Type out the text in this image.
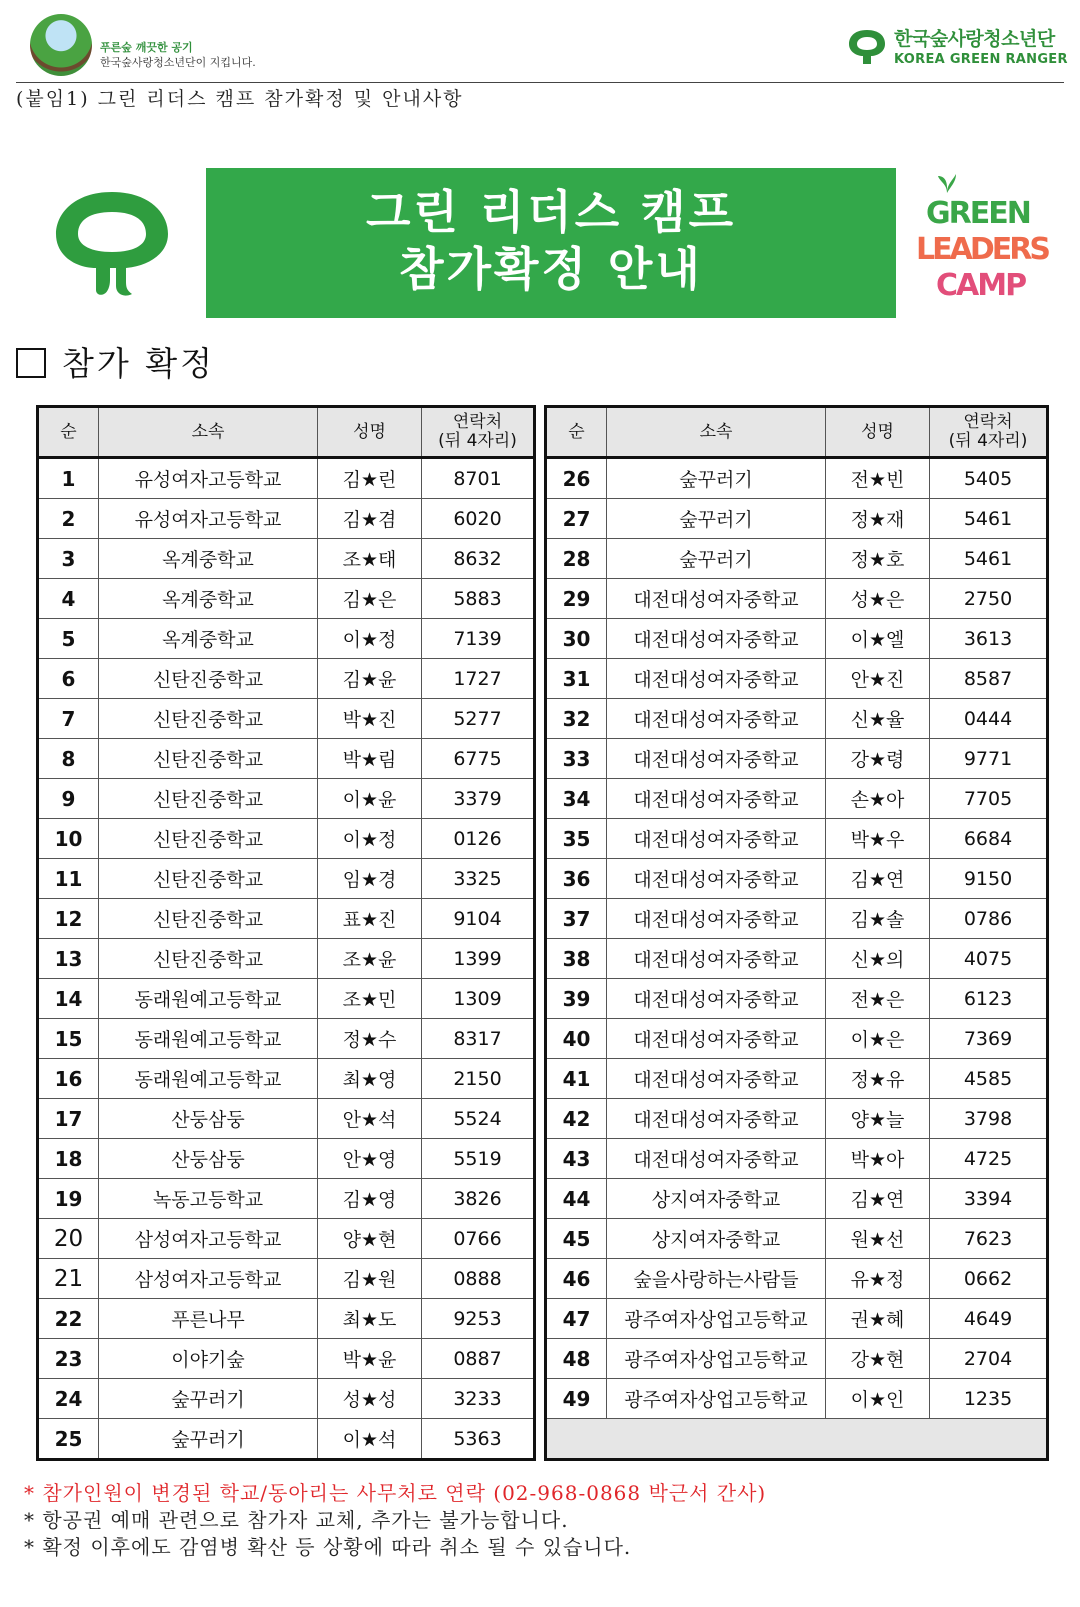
푸른숲 깨끗한 공기
한국숲사랑청소년단이 지킵니다.
한국숲사랑청소년단
KOREA GREEN RANGER
(붙임1) 그린 리더스 캠프 참가확정 및 안내사항
그린 리더스 캠프
참가확정 안내
GREEN
LEADERS
CAMP
참가 확정
순	소속	성명	연락처
(뒤 4자리)
1	유성여자고등학교	김★린	8701
2	유성여자고등학교	김★겸	6020
3	옥계중학교	조★태	8632
4	옥계중학교	김★은	5883
5	옥계중학교	이★정	7139
6	신탄진중학교	김★윤	1727
7	신탄진중학교	박★진	5277
8	신탄진중학교	박★림	6775
9	신탄진중학교	이★윤	3379
10	신탄진중학교	이★정	0126
11	신탄진중학교	임★경	3325
12	신탄진중학교	표★진	9104
13	신탄진중학교	조★윤	1399
14	동래원예고등학교	조★민	1309
15	동래원예고등학교	정★수	8317
16	동래원예고등학교	최★영	2150
17	산둥삼둥	안★석	5524
18	산둥삼둥	안★영	5519
19	녹동고등학교	김★영	3826
20	삼성여자고등학교	양★현	0766
21	삼성여자고등학교	김★원	0888
22	푸른나무	최★도	9253
23	이야기숲	박★윤	0887
24	숲꾸러기	성★성	3233
25	숲꾸러기	이★석	5363
순	소속	성명	연락처
(뒤 4자리)
26	숲꾸러기	전★빈	5405
27	숲꾸러기	정★재	5461
28	숲꾸러기	정★호	5461
29	대전대성여자중학교	성★은	2750
30	대전대성여자중학교	이★엘	3613
31	대전대성여자중학교	안★진	8587
32	대전대성여자중학교	신★율	0444
33	대전대성여자중학교	강★령	9771
34	대전대성여자중학교	손★아	7705
35	대전대성여자중학교	박★우	6684
36	대전대성여자중학교	김★연	9150
37	대전대성여자중학교	김★솔	0786
38	대전대성여자중학교	신★의	4075
39	대전대성여자중학교	전★은	6123
40	대전대성여자중학교	이★은	7369
41	대전대성여자중학교	정★유	4585
42	대전대성여자중학교	양★늘	3798
43	대전대성여자중학교	박★아	4725
44	상지여자중학교	김★연	3394
45	상지여자중학교	원★선	7623
46	숲을사랑하는사람들	유★정	0662
47	광주여자상업고등학교	권★혜	4649
48	광주여자상업고등학교	강★현	2704
49	광주여자상업고등학교	이★인	1235

* 참가인원이 변경된 학교/동아리는 사무처로 연락 (02-968-0868 박근서 간사)
* 항공권 예매 관련으로 참가자 교체, 추가는 불가능합니다.
* 확정 이후에도 감염병 확산 등 상황에 따라 취소 될 수 있습니다.
